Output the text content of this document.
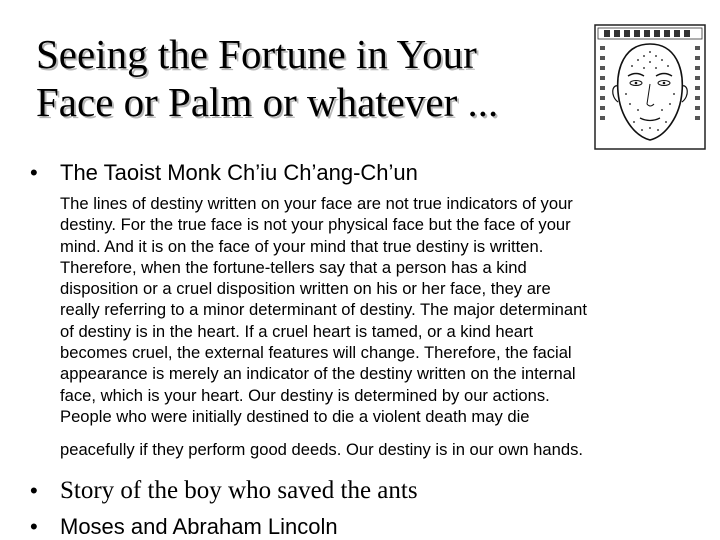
Seeing the Fortune in Your
Face or Palm or whatever ...
• The Taoist Monk Ch’iu Ch’ang-Ch’un
The lines of destiny written on your face are not true indicators of your
destiny. For the true face is not your physical face but the face of your
mind. And it is on the face of your mind that true destiny is written.
Therefore, when the fortune-tellers say that a person has a kind
disposition or a cruel disposition written on his or her face, they are
really referring to a minor determinant of destiny. The major determinant
of destiny is in the heart. If a cruel heart is tamed, or a kind heart
becomes cruel, the external features will change. Therefore, the facial
appearance is merely an indicator of the destiny written on the internal
face, which is your heart. Our destiny is determined by our actions.
People who were initially destined to die a violent death may die
peacefully if they perform good deeds. Our destiny is in our own hands.
• Story of the boy who saved the ants
• Moses and Abraham Lincoln
